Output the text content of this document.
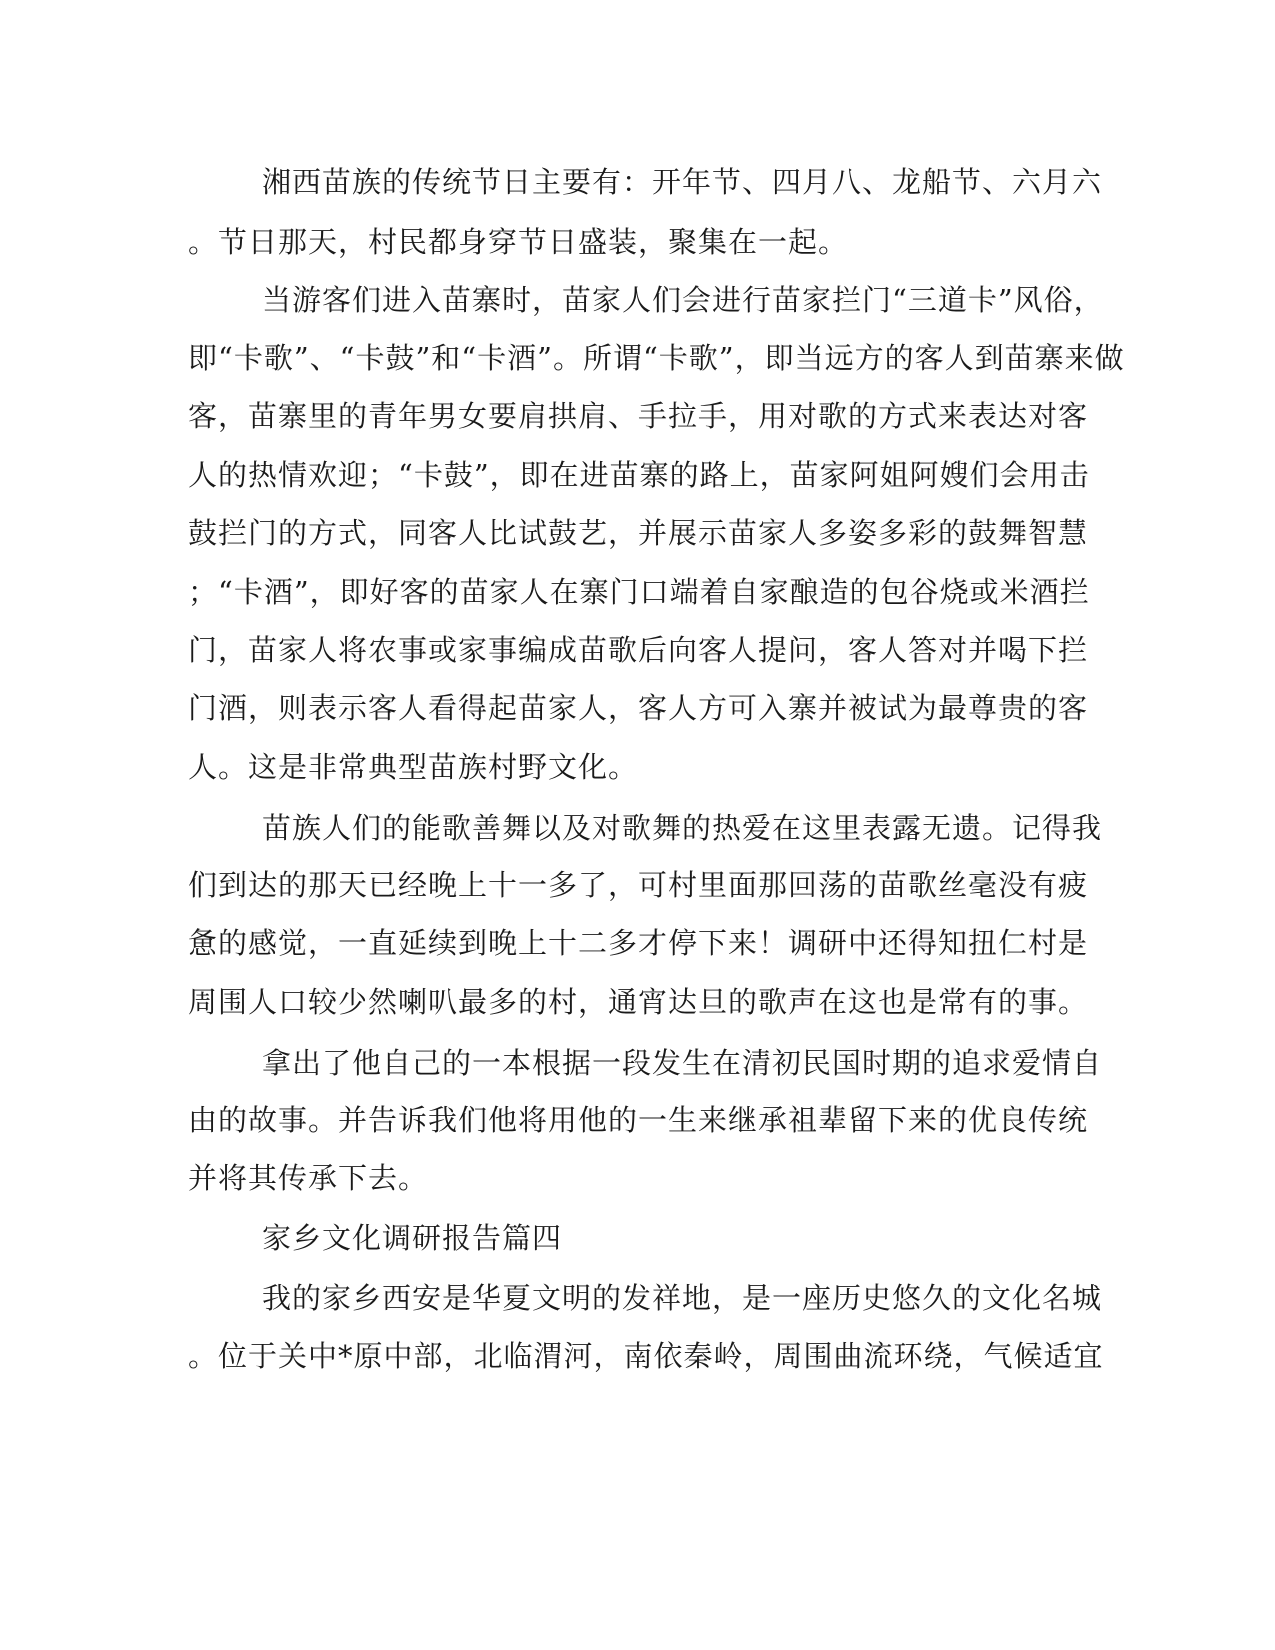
湘西苗族的传统节日主要有：开年节、四月八、龙船节、六月六

。节日那天，村民都身穿节日盛装，聚集在一起。

当游客们进入苗寨时，苗家人们会进行苗家拦门“三道卡”风俗，

即“卡歌”、“卡鼓”和“卡酒”。所谓“卡歌”，即当远方的客人到苗寨来做

客，苗寨里的青年男女要肩拱肩、手拉手，用对歌的方式来表达对客

人的热情欢迎；“卡鼓”，即在进苗寨的路上，苗家阿姐阿嫂们会用击

鼓拦门的方式，同客人比试鼓艺，并展示苗家人多姿多彩的鼓舞智慧

；“卡酒”，即好客的苗家人在寨门口端着自家酿造的包谷烧或米酒拦

门，苗家人将农事或家事编成苗歌后向客人提问，客人答对并喝下拦

门酒，则表示客人看得起苗家人，客人方可入寨并被试为最尊贵的客

人。这是非常典型苗族村野文化。

苗族人们的能歌善舞以及对歌舞的热爱在这里表露无遗。记得我

们到达的那天已经晚上十一多了，可村里面那回荡的苗歌丝毫没有疲

惫的感觉，一直延续到晚上十二多才停下来！调研中还得知扭仁村是

周围人口较少然喇叭最多的村，通宵达旦的歌声在这也是常有的事。

拿出了他自己的一本根据一段发生在清初民国时期的追求爱情自

由的故事。并告诉我们他将用他的一生来继承祖辈留下来的优良传统

并将其传承下去。

家乡文化调研报告篇四

我的家乡西安是华夏文明的发祥地，是一座历史悠久的文化名城

。位于关中*原中部，北临渭河，南依秦岭，周围曲流环绕，气候适宜
